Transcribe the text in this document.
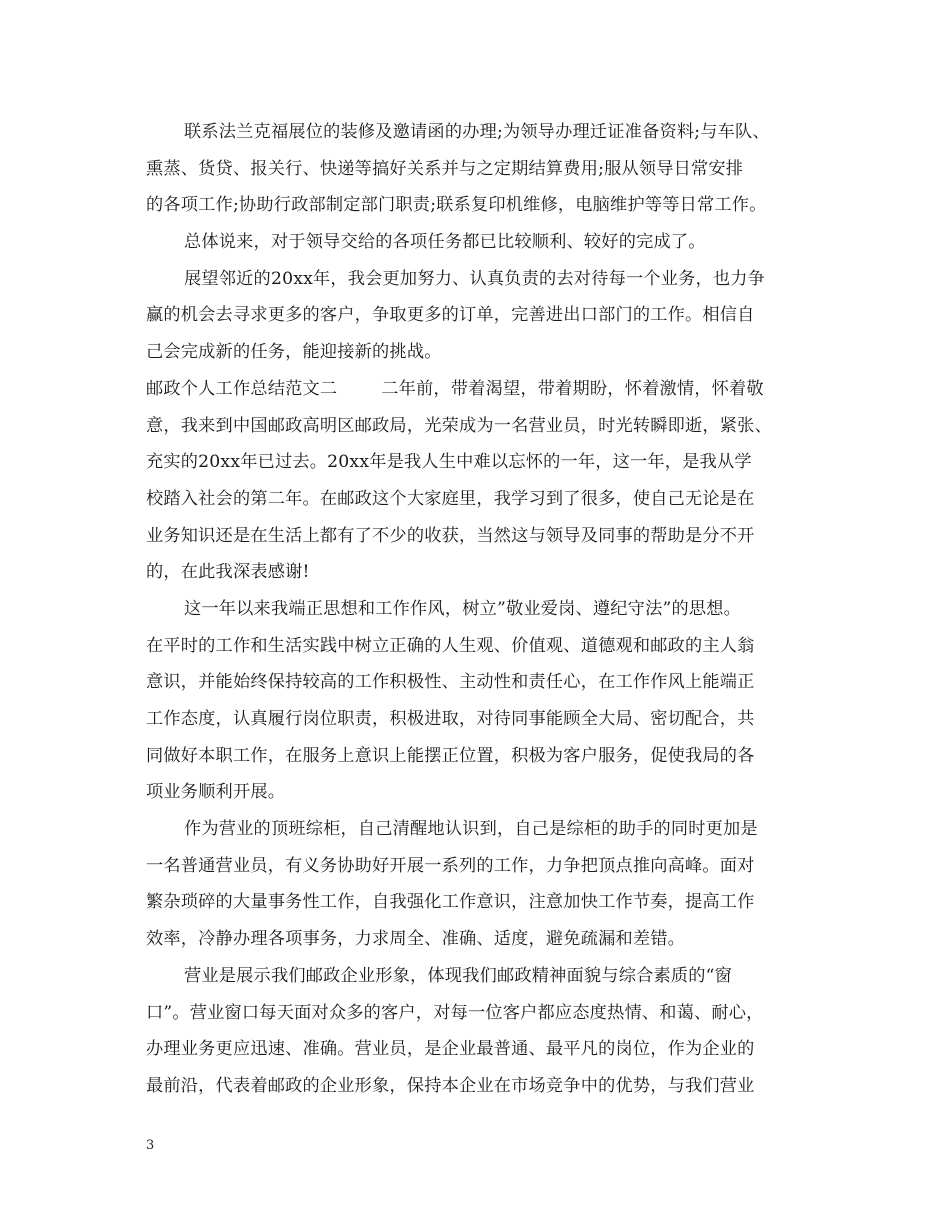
联系法兰克福展位的装修及邀请函的办理;为领导办理迁证准备资料;与车队、
熏蒸、货贷、报关行、快递等搞好关系并与之定期结算费用;服从领导日常安排
的各项工作;协助行政部制定部门职责;联系复印机维修，电脑维护等等日常工作。
总体说来，对于领导交给的各项任务都已比较顺利、较好的完成了。
展望邻近的20xx年，我会更加努力、认真负责的去对待每一个业务，也力争
赢的机会去寻求更多的客户，争取更多的订单，完善进出口部门的工作。相信自
己会完成新的任务，能迎接新的挑战。
邮政个人工作总结范文二	二年前，带着渴望，带着期盼，怀着激情，怀着敬
意，我来到中国邮政高明区邮政局，光荣成为一名营业员，时光转瞬即逝，紧张、
充实的20xx年已过去。20xx年是我人生中难以忘怀的一年，这一年，是我从学
校踏入社会的第二年。在邮政这个大家庭里，我学习到了很多，使自己无论是在
业务知识还是在生活上都有了不少的收获，当然这与领导及同事的帮助是分不开
的，在此我深表感谢!
这一年以来我端正思想和工作作风，树立”敬业爱岗、遵纪守法”的思想。
在平时的工作和生活实践中树立正确的人生观、价值观、道德观和邮政的主人翁
意识，并能始终保持较高的工作积极性、主动性和责任心，在工作作风上能端正
工作态度，认真履行岗位职责，积极进取，对待同事能顾全大局、密切配合，共
同做好本职工作，在服务上意识上能摆正位置，积极为客户服务，促使我局的各
项业务顺利开展。
作为营业的顶班综柜，自己清醒地认识到，自己是综柜的助手的同时更加是
一名普通营业员，有义务协助好开展一系列的工作，力争把顶点推向高峰。面对
繁杂琐碎的大量事务性工作，自我强化工作意识，注意加快工作节奏，提高工作
效率，冷静办理各项事务，力求周全、准确、适度，避免疏漏和差错。
营业是展示我们邮政企业形象，体现我们邮政精神面貌与综合素质的“窗
口”。营业窗口每天面对众多的客户，对每一位客户都应态度热情、和蔼、耐心，
办理业务更应迅速、准确。营业员，是企业最普通、最平凡的岗位，作为企业的
最前沿，代表着邮政的企业形象，保持本企业在市场竞争中的优势，与我们营业
3
